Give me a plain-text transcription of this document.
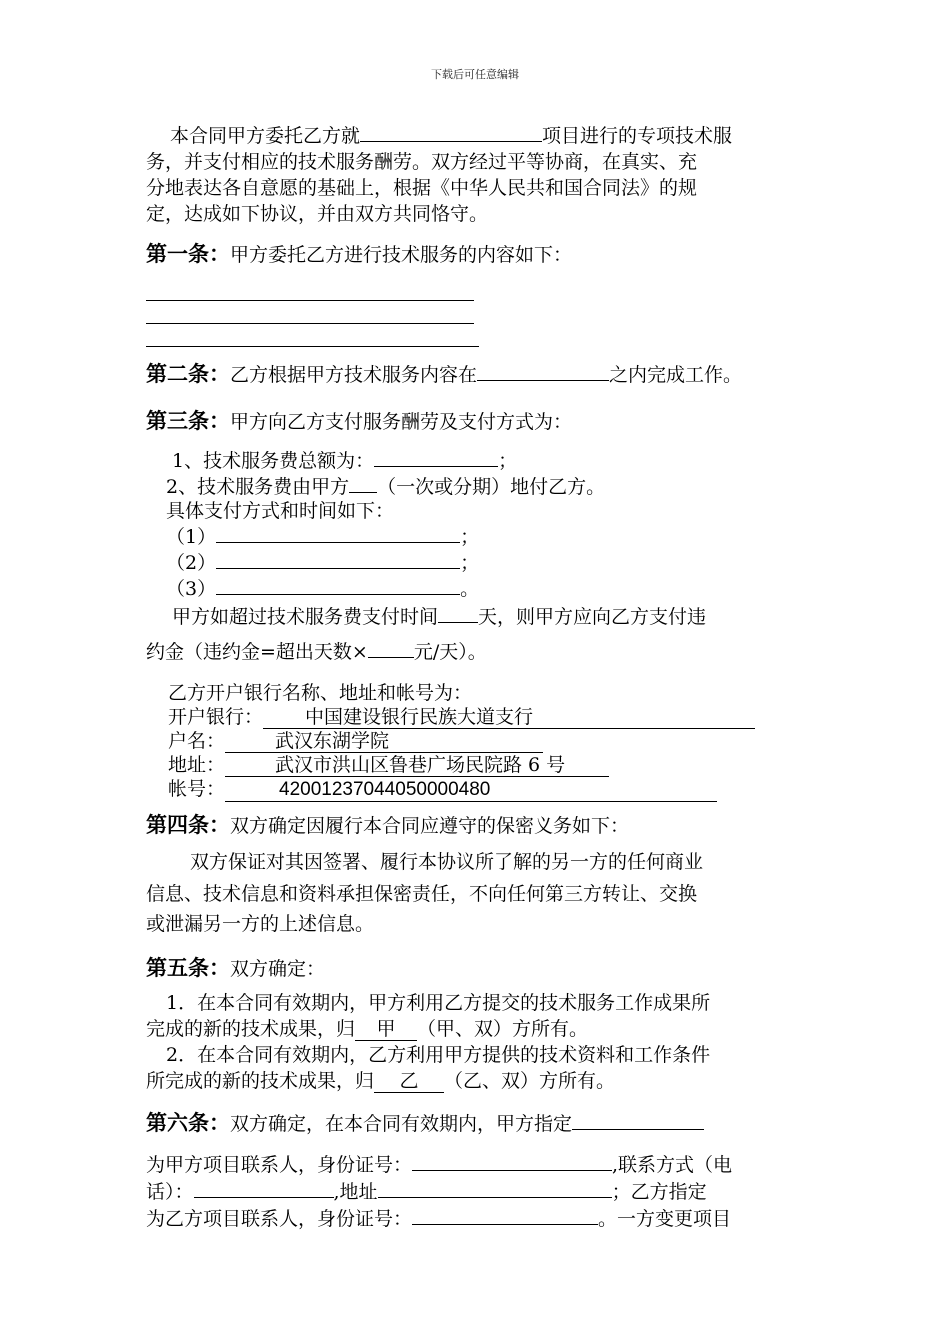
下载后可任意编辑

本合同甲方委托乙方就	项目进行的专项技术服

务，并支付相应的技术服务酬劳。双方经过平等协商，在真实、充

分地表达各自意愿的基础上，根据《中华人民共和国合同法》的规

定，达成如下协议，并由双方共同恪守。

第一条：甲方委托乙方进行技术服务的内容如下：

第二条：乙方根据甲方技术服务内容在	之内完成工作。

第三条：甲方向乙方支付服务酬劳及支付方式为：

1、技术服务费总额为：	；

2、技术服务费由甲方 （一次或分期）地付乙方。

具体支付方式和时间如下：

（1）	；

（2）	；

（3）	。

甲方如超过技术服务费支付时间 天，则甲方应向乙方支付违

约金（违约金=超出天数× 元/天）。

乙方开户银行名称、地址和帐号为：

开户银行： 中国建设银行民族大道支行

户名：	武汉东湖学院

地址：	武汉市洪山区鲁巷广场民院路 6 号

帐号：	42001237044050000480

第四条：双方确定因履行本合同应遵守的保密义务如下：

双方保证对其因签署、履行本协议所了解的另一方的任何商业

信息、技术信息和资料承担保密责任，不向任何第三方转让、交换

或泄漏另一方的上述信息。

第五条：双方确定：

1．在本合同有效期内，甲方利用乙方提交的技术服务工作成果所

完成的新的技术成果，归 甲 （甲、双）方所有。

2．在本合同有效期内，乙方利用甲方提供的技术资料和工作条件

所完成的新的技术成果，归 乙 （乙、双）方所有。

第六条：双方确定，在本合同有效期内，甲方指定

为甲方项目联系人，身份证号：	,联系方式（电

话）：	,地址	；乙方指定

为乙方项目联系人，身份证号：	。一方变更项目
